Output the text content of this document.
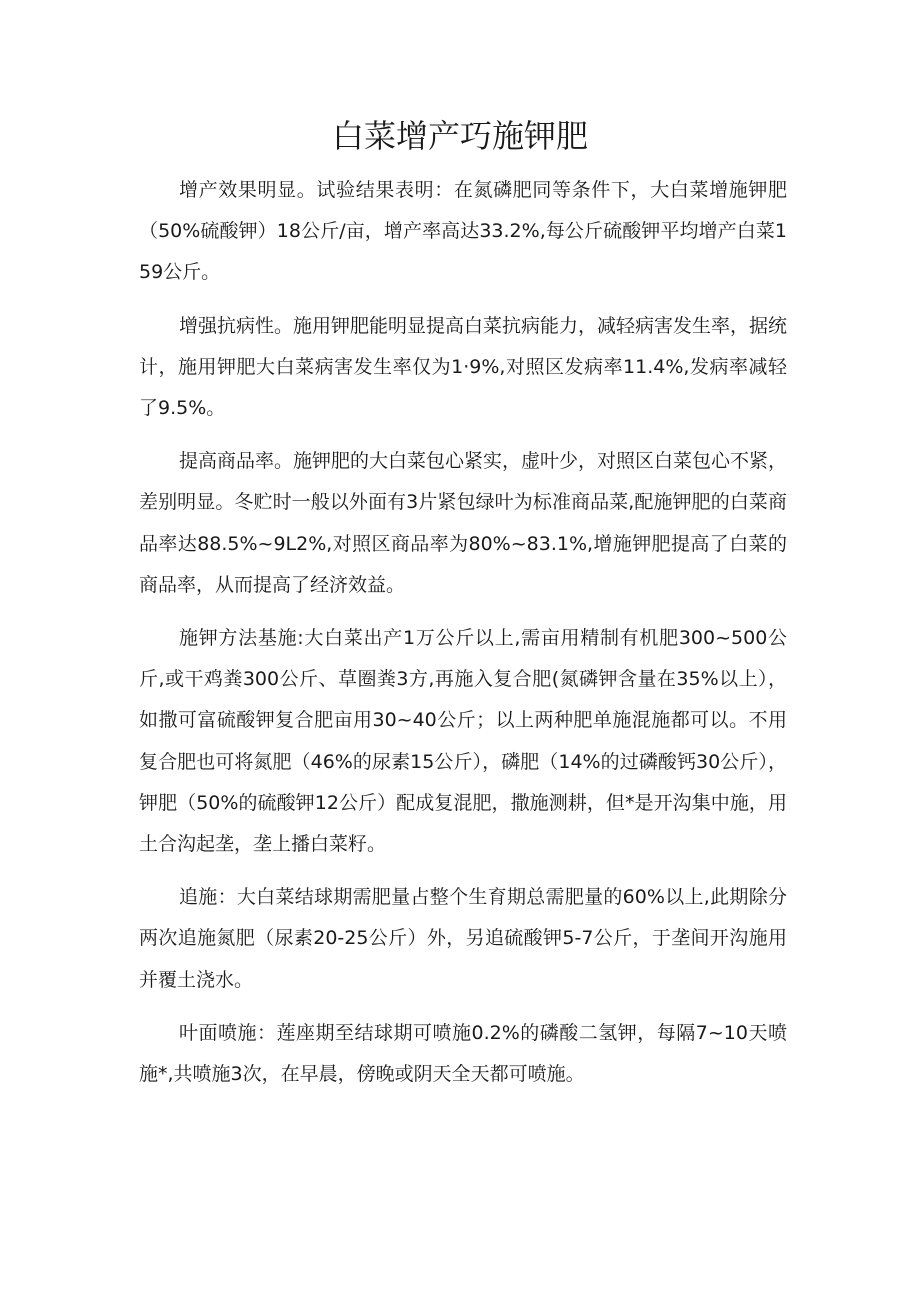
白菜增产巧施钾肥

增产效果明显。试验结果表明：在氮磷肥同等条件下，大白菜增施钾肥（50%硫酸钾）18公斤/亩，增产率高达33.2%,每公斤硫酸钾平均增产白菜159公斤。

增强抗病性。施用钾肥能明显提高白菜抗病能力，减轻病害发生率，据统计，施用钾肥大白菜病害发生率仅为1·9%,对照区发病率11.4%,发病率减轻了9.5%。

提高商品率。施钾肥的大白菜包心紧实，虚叶少，对照区白菜包心不紧，差别明显。冬贮时一般以外面有3片紧包绿叶为标准商品菜,配施钾肥的白菜商品率达88.5%~9L2%,对照区商品率为80%~83.1%,增施钾肥提高了白菜的商品率，从而提高了经济效益。

施钾方法基施:大白菜出产1万公斤以上,需亩用精制有机肥300~500公斤,或干鸡粪300公斤、草圈粪3方,再施入复合肥(氮磷钾含量在35%以上），如撒可富硫酸钾复合肥亩用30~40公斤；以上两种肥单施混施都可以。不用复合肥也可将氮肥（46%的尿素15公斤），磷肥（14%的过磷酸钙30公斤），钾肥（50%的硫酸钾12公斤）配成复混肥，撒施测耕，但*是开沟集中施，用土合沟起垄，垄上播白菜籽。

追施：大白菜结球期需肥量占整个生育期总需肥量的60%以上,此期除分两次追施氮肥（尿素20-25公斤）外，另追硫酸钾5-7公斤，于垄间开沟施用并覆土浇水。

叶面喷施：莲座期至结球期可喷施0.2%的磷酸二氢钾，每隔7~10天喷施*,共喷施3次，在早晨，傍晚或阴天全天都可喷施。
